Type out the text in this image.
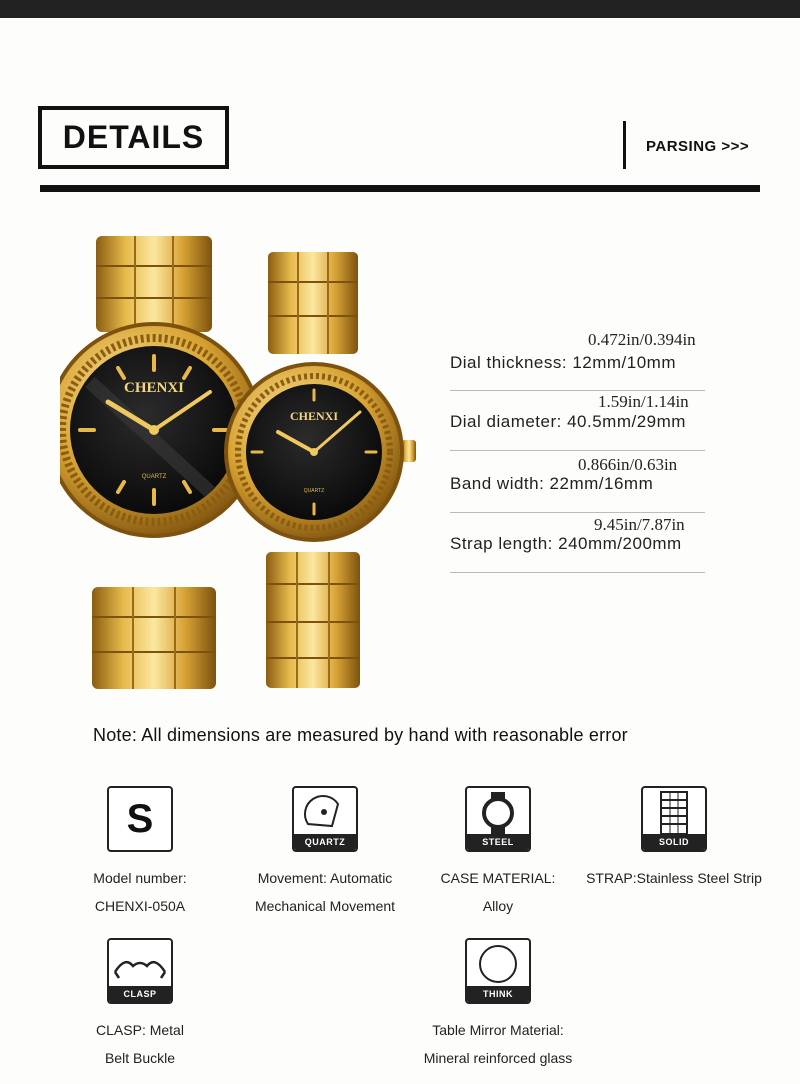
DETAILS	PARSING >>>
CHENXI
QUARTZ
CHENXI
QUARTZ
0.472in/0.394in
Dial thickness: 12mm/10mm
1.59in/1.14in
Dial diameter: 40.5mm/29mm
0.866in/0.63in
Band width: 22mm/16mm
9.45in/7.87in
Strap length: 240mm/200mm
Note: All dimensions are measured by hand with reasonable error
S
Model number:
CHENXI-050A
QUARTZ
Movement: Automatic
Mechanical Movement
STEEL
CASE MATERIAL:
Alloy
SOLID
STRAP:Stainless Steel Strip
CLASP
CLASP: Metal
Belt Buckle
THINK
Table Mirror Material:
Mineral reinforced glass
